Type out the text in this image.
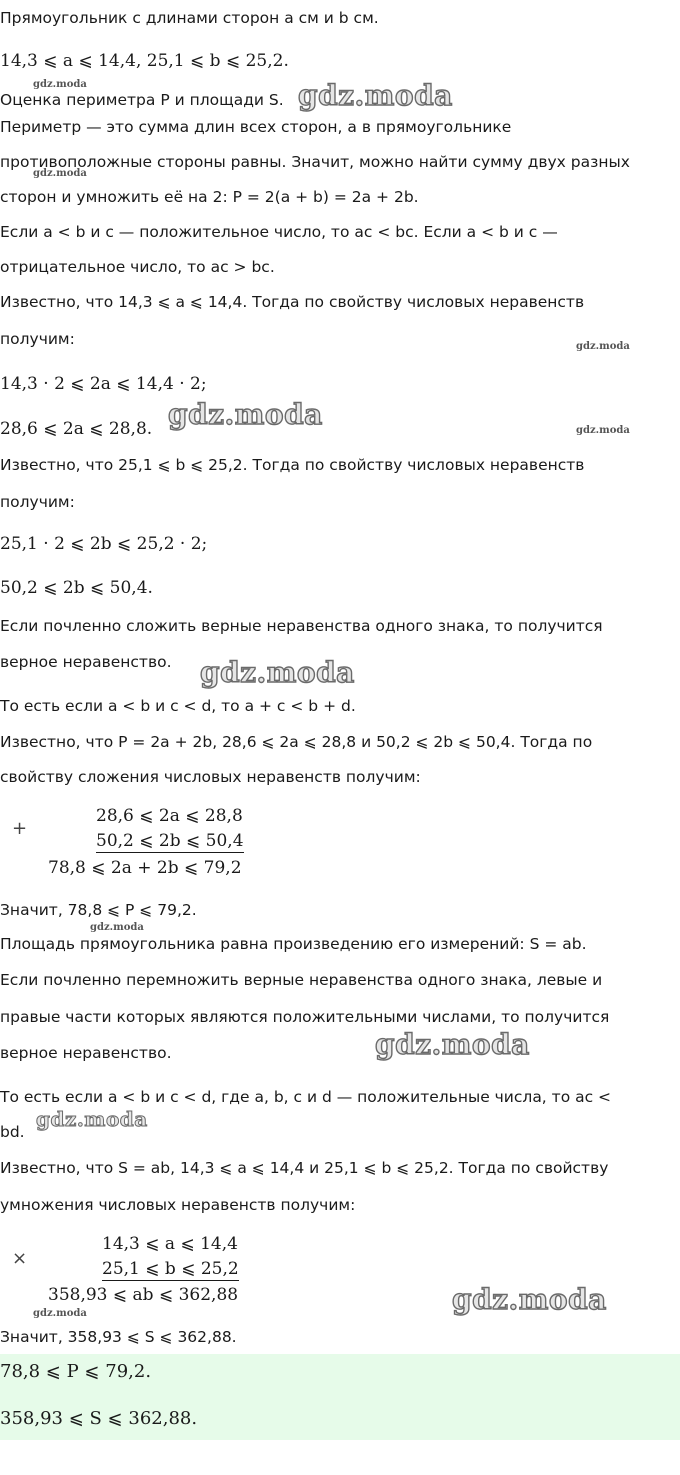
Прямоугольник с длинами сторон a см и b см.
14,3 ⩽ a ⩽ 14,4, 25,1 ⩽ b ⩽ 25,2.
Оценка периметра P и площади S.
Периметр — это сумма длин всех сторон, а в прямоугольнике
противоположные стороны равны. Значит, можно найти сумму двух разных
сторон и умножить её на 2: P = 2(a + b) = 2a + 2b.
Если a < b и c — положительное число, то ac < bc. Если a < b и c —
отрицательное число, то ac > bc.
Известно, что 14,3 ⩽ a ⩽ 14,4. Тогда по свойству числовых неравенств
получим:
14,3 · 2 ⩽ 2a ⩽ 14,4 · 2;
28,6 ⩽ 2a ⩽ 28,8.
Известно, что 25,1 ⩽ b ⩽ 25,2. Тогда по свойству числовых неравенств
получим:
25,1 · 2 ⩽ 2b ⩽ 25,2 · 2;
50,2 ⩽ 2b ⩽ 50,4.
Если почленно сложить верные неравенства одного знака, то получится
верное неравенство.
То есть если a < b и c < d, то a + c < b + d.
Известно, что P = 2a + 2b, 28,6 ⩽ 2a ⩽ 28,8 и 50,2 ⩽ 2b ⩽ 50,4. Тогда по
свойству сложения числовых неравенств получим:
+
28,6 ⩽ 2a ⩽ 28,8
50,2 ⩽ 2b ⩽ 50,4
78,8 ⩽ 2a + 2b ⩽ 79,2
Значит, 78,8 ⩽ P ⩽ 79,2.
Площадь прямоугольника равна произведению его измерений: S = ab.
Если почленно перемножить верные неравенства одного знака, левые и
правые части которых являются положительными числами, то получится
верное неравенство.
То есть если a < b и c < d, где a, b, c и d — положительные числа, то ac <
bd.
Известно, что S = ab, 14,3 ⩽ a ⩽ 14,4 и 25,1 ⩽ b ⩽ 25,2. Тогда по свойству
умножения числовых неравенств получим:
×
14,3 ⩽ a ⩽ 14,4
25,1 ⩽ b ⩽ 25,2
358,93 ⩽ ab ⩽ 362,88
Значит, 358,93 ⩽ S ⩽ 362,88.
78,8 ⩽ P ⩽ 79,2.
358,93 ⩽ S ⩽ 362,88.
gdz.moda
gdz.moda
gdz.moda
gdz.moda
gdz.moda
gdz.moda
gdz.moda
gdz.moda
gdz.moda
gdz.moda
gdz.moda
gdz.moda
